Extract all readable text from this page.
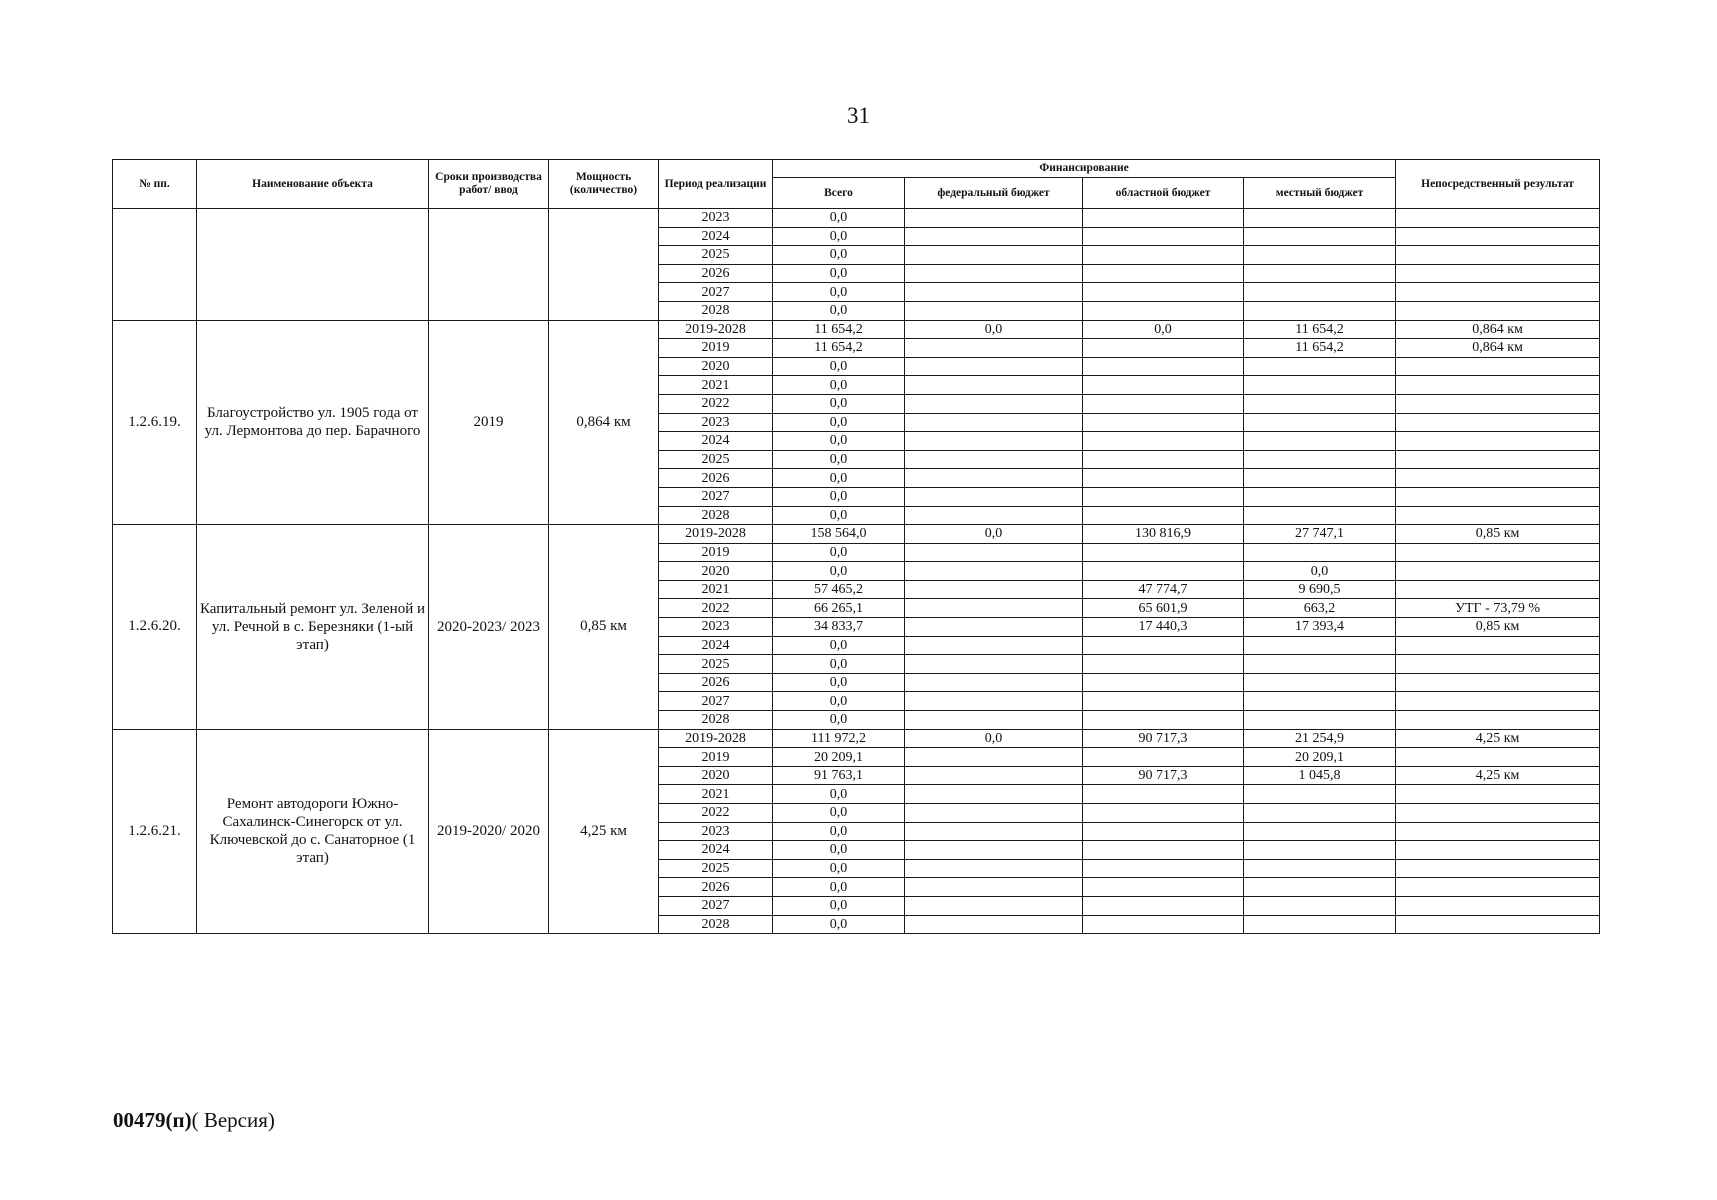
31
№ пп.	Наименование объекта	Сроки производства работ/ ввод	Мощность (количество)	Период реализации	Финансирование				Непосредственный результат
					Всего	федеральный бюджет	областной бюджет	местный бюджет	
				2023	0,0				
				2024	0,0				
				2025	0,0				
				2026	0,0				
				2027	0,0				
				2028	0,0				
1.2.6.19.	Благоустройство ул. 1905 года от ул. Лермонтова до пер. Барачного	2019	0,864 км	2019-2028	11 654,2	0,0	0,0	11 654,2	0,864 км
				2019	11 654,2			11 654,2	0,864 км
				2020	0,0				
				2021	0,0				
				2022	0,0				
				2023	0,0				
				2024	0,0				
				2025	0,0				
				2026	0,0				
				2027	0,0				
				2028	0,0				
1.2.6.20.	Капитальный ремонт ул. Зеленой и ул. Речной в с. Березняки (1-ый этап)	2020-2023/ 2023	0,85 км	2019-2028	158 564,0	0,0	130 816,9	27 747,1	0,85 км
				2019	0,0				
				2020	0,0			0,0	
				2021	57 465,2		47 774,7	9 690,5	
				2022	66 265,1		65 601,9	663,2	УТГ - 73,79 %
				2023	34 833,7		17 440,3	17 393,4	0,85 км
				2024	0,0				
				2025	0,0				
				2026	0,0				
				2027	0,0				
				2028	0,0				
1.2.6.21.	Ремонт автодороги Южно-Сахалинск-Синегорск от ул. Ключевской до с. Санаторное (1 этап)	2019-2020/ 2020	4,25 км	2019-2028	111 972,2	0,0	90 717,3	21 254,9	4,25 км
				2019	20 209,1			20 209,1	
				2020	91 763,1		90 717,3	1 045,8	4,25 км
				2021	0,0				
				2022	0,0				
				2023	0,0				
				2024	0,0				
				2025	0,0				
				2026	0,0				
				2027	0,0				
				2028	0,0				
00479(п)( Версия)
